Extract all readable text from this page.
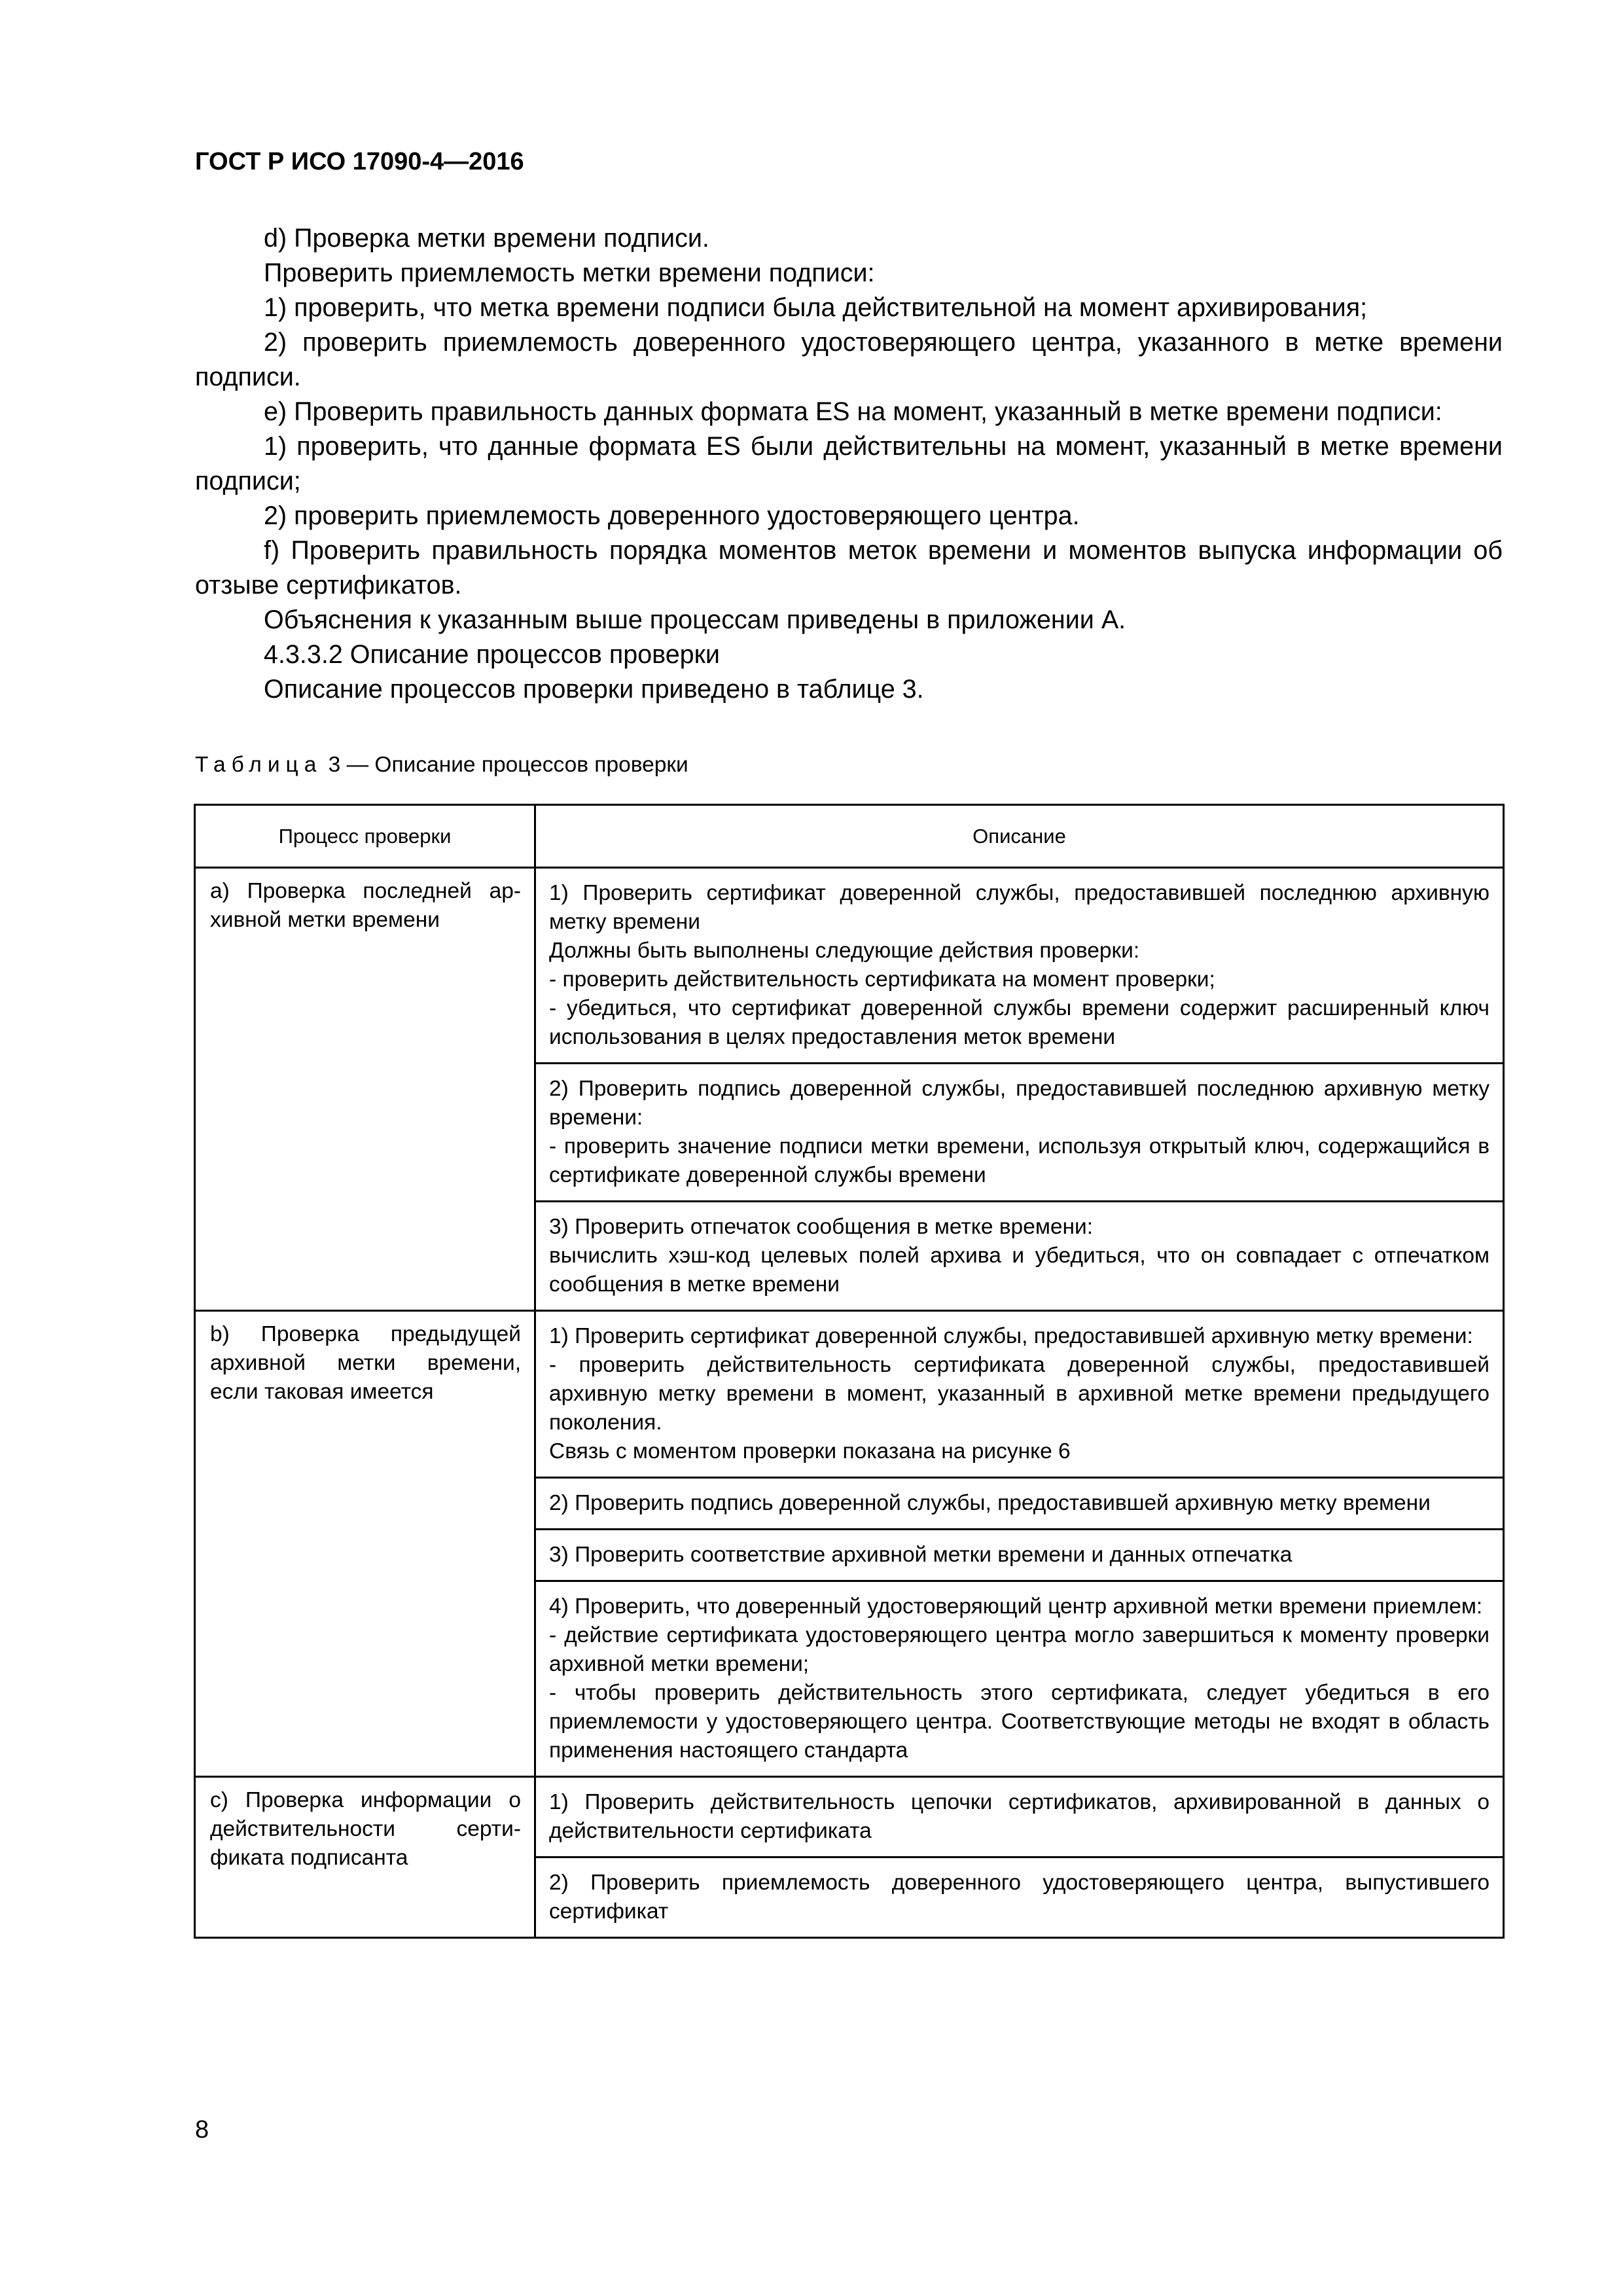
ГОСТ Р ИСО 17090-4—2016

d) Проверка метки времени подписи.

Проверить приемлемость метки времени подписи:

1) проверить, что метка времени подписи была действительной на момент архивирования;

2) проверить приемлемость доверенного удостоверяющего центра, указанного в метке времени подписи.

e) Проверить правильность данных формата ES на момент, указанный в метке времени подписи:

1) проверить, что данные формата ES были действительны на момент, указанный в метке времени подписи;

2) проверить приемлемость доверенного удостоверяющего центра.

f) Проверить правильность порядка моментов меток времени и моментов выпуска информации об отзыве сертификатов.

Объяснения к указанным выше процессам приведены в приложении А.

4.3.3.2 Описание процессов проверки

Описание процессов проверки приведено в таблице 3.

Таблица 3 — Описание процессов проверки
Процесс проверки	Описание
а) Проверка последней архивной метки времени	1) Проверить сертификат доверенной службы, предоставившей последнюю архивную метку времени
Должны быть выполнены следующие действия проверки:
- проверить действительность сертификата на момент проверки;
- убедиться, что сертификат доверенной службы времени содержит расширенный ключ использования в целях предоставления меток времени

	2) Проверить подпись доверенной службы, предоставившей последнюю архивную метку времени:
- проверить значение подписи метки времени, используя открытый ключ, содержащийся в сертификате доверенной службы времени

	3) Проверить отпечаток сообщения в метке времени:
вычислить хэш-код целевых полей архива и убедиться, что он совпадает с отпечатком сообщения в метке времени

b) Проверка предыдущей архивной метки времени, если таковая имеется	1) Проверить сертификат доверенной службы, предоставившей архивную метку времени:
- проверить действительность сертификата доверенной службы, предоставившей архивную метку времени в момент, указанный в архивной метке времени предыдущего поколения.
Связь с моментом проверки показана на рисунке 6

	2) Проверить подпись доверенной службы, предоставившей архивную метку времени

	3) Проверить соответствие архивной метки времени и данных отпечатка

	4) Проверить, что доверенный удостоверяющий центр архивной метки времени приемлем:
- действие сертификата удостоверяющего центра могло завершиться к моменту проверки архивной метки времени;
- чтобы проверить действительность этого сертификата, следует убедиться в его приемлемости у удостоверяющего центра. Соответствующие методы не входят в область применения настоящего стандарта

c) Проверка информации о действительности сертификата подписанта	1) Проверить действительность цепочки сертификатов, архивированной в данных о действительности сертификата

	2) Проверить приемлемость доверенного удостоверяющего центра, выпустившего сертификат
8
